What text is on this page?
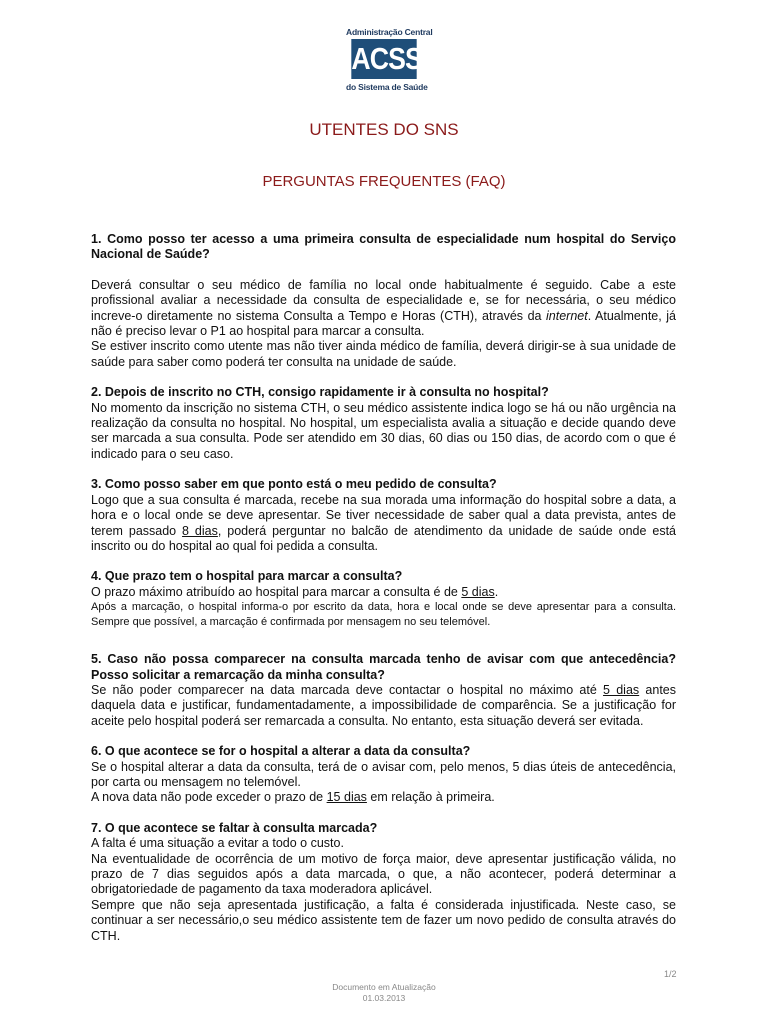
Administração Central
ACSS
do Sistema de Saúde
UTENTES DO SNS
PERGUNTAS FREQUENTES (FAQ)

1. Como posso ter acesso a uma primeira consulta de especialidade num hospital do Serviço Nacional de Saúde?

Deverá consultar o seu médico de família no local onde habitualmente é seguido. Cabe a este profissional avaliar a necessidade da consulta de especialidade e, se for necessária, o seu médico increve-o diretamente no sistema Consulta a Tempo e Horas (CTH), através da internet. Atualmente, já não é preciso levar o P1 ao hospital para marcar a consulta.

Se estiver inscrito como utente mas não tiver ainda médico de família, deverá dirigir-se à sua unidade de saúde para saber como poderá ter consulta na unidade de saúde.

2. Depois de inscrito no CTH, consigo rapidamente ir à consulta no hospital?

No momento da inscrição no sistema CTH, o seu médico assistente indica logo se há ou não urgência na realização da consulta no hospital. No hospital, um especialista avalia a situação e decide quando deve ser marcada a sua consulta. Pode ser atendido em 30 dias, 60 dias ou 150 dias, de acordo com o que é indicado para o seu caso.

3. Como posso saber em que ponto está o meu pedido de consulta?

Logo que a sua consulta é marcada, recebe na sua morada uma informação do hospital sobre a data, a hora e o local onde se deve apresentar. Se tiver necessidade de saber qual a data prevista, antes de terem passado 8 dias, poderá perguntar no balcão de atendimento da unidade de saúde onde está inscrito ou do hospital ao qual foi pedida a consulta.

4. Que prazo tem o hospital para marcar a consulta?

O prazo máximo atribuído ao hospital para marcar a consulta é de 5 dias.

Após a marcação, o hospital informa-o por escrito da data, hora e local onde se deve apresentar para a consulta. Sempre que possível, a marcação é confirmada por mensagem no seu telemóvel.

5. Caso não possa comparecer na consulta marcada tenho de avisar com que antecedência? Posso solicitar a remarcação da minha consulta?

Se não poder comparecer na data marcada deve contactar o hospital no máximo até 5 dias antes daquela data e justificar, fundamentadamente, a impossibilidade de comparência. Se a justificação for aceite pelo hospital poderá ser remarcada a consulta. No entanto, esta situação deverá ser evitada.

6. O que acontece se for o hospital a alterar a data da consulta?

Se o hospital alterar a data da consulta, terá de o avisar com, pelo menos, 5 dias úteis de antecedência, por carta ou mensagem no telemóvel.

A nova data não pode exceder o prazo de 15 dias em relação à primeira.

7. O que acontece se faltar à consulta marcada?

A falta é uma situação a evitar a todo o custo.

Na eventualidade de ocorrência de um motivo de força maior, deve apresentar justificação válida, no prazo de 7 dias seguidos após a data marcada, o que, a não acontecer, poderá determinar a obrigatoriedade de pagamento da taxa moderadora aplicável.

Sempre que não seja apresentada justificação, a falta é considerada injustificada. Neste caso, se continuar a ser necessário,o seu médico assistente tem de fazer um novo pedido de consulta através do CTH.

1/2
Documento em Atualização
01.03.2013
